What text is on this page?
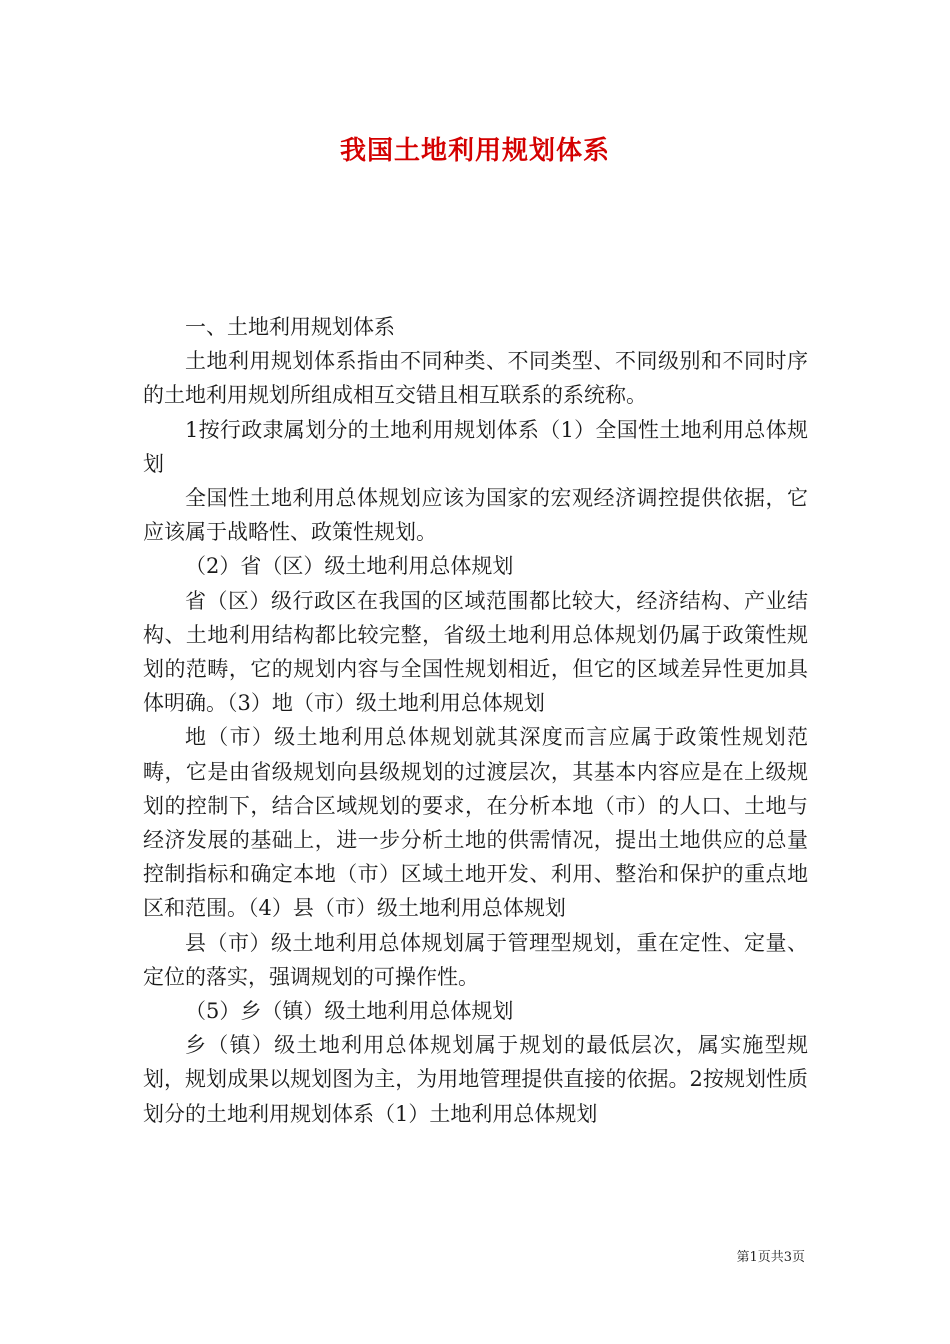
我国土地利用规划体系

一、土地利用规划体系

土地利用规划体系指由不同种类、不同类型、不同级别和不同时序的土地利用规划所组成相互交错且相互联系的系统称。

1按行政隶属划分的土地利用规划体系（1）全国性土地利用总体规划

全国性土地利用总体规划应该为国家的宏观经济调控提供依据，它应该属于战略性、政策性规划。

（2）省（区）级土地利用总体规划

省（区）级行政区在我国的区域范围都比较大，经济结构、产业结构、土地利用结构都比较完整，省级土地利用总体规划仍属于政策性规划的范畴，它的规划内容与全国性规划相近，但它的区域差异性更加具体明确。（3）地（市）级土地利用总体规划

地（市）级土地利用总体规划就其深度而言应属于政策性规划范畴，它是由省级规划向县级规划的过渡层次，其基本内容应是在上级规划的控制下，结合区域规划的要求，在分析本地（市）的人口、土地与经济发展的基础上，进一步分析土地的供需情况，提出土地供应的总量控制指标和确定本地（市）区域土地开发、利用、整治和保护的重点地区和范围。（4）县（市）级土地利用总体规划

县（市）级土地利用总体规划属于管理型规划，重在定性、定量、定位的落实，强调规划的可操作性。

（5）乡（镇）级土地利用总体规划

乡（镇）级土地利用总体规划属于规划的最低层次，属实施型规划，规划成果以规划图为主，为用地管理提供直接的依据。2按规划性质划分的土地利用规划体系（1）土地利用总体规划

第1页共3页
